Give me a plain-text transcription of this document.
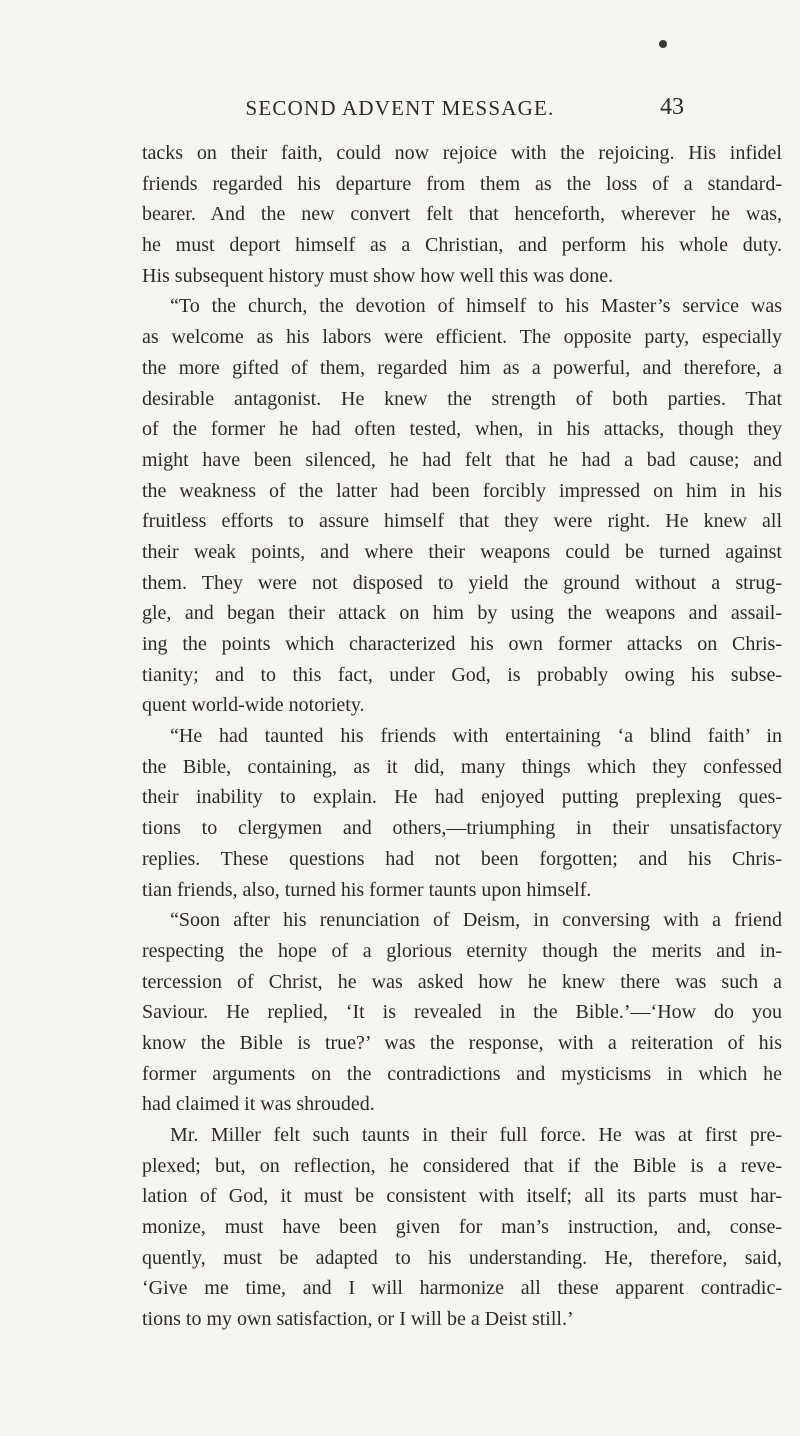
SECOND ADVENT MESSAGE.	43
tacks on their faith, could now rejoice with the rejoicing. His infidel
friends regarded his departure from them as the loss of a standard-
bearer. And the new convert felt that henceforth, wherever he was,
he must deport himself as a Christian, and perform his whole duty.
His subsequent history must show how well this was done.
“To the church, the devotion of himself to his Master’s service was
as welcome as his labors were efficient. The opposite party, especially
the more gifted of them, regarded him as a powerful, and therefore, a
desirable antagonist. He knew the strength of both parties. That
of the former he had often tested, when, in his attacks, though they
might have been silenced, he had felt that he had a bad cause; and
the weakness of the latter had been forcibly impressed on him in his
fruitless efforts to assure himself that they were right. He knew all
their weak points, and where their weapons could be turned against
them. They were not disposed to yield the ground without a strug-
gle, and began their attack on him by using the weapons and assail-
ing the points which characterized his own former attacks on Chris-
tianity; and to this fact, under God, is probably owing his subse-
quent world-wide notoriety.
“He had taunted his friends with entertaining ‘a blind faith’ in
the Bible, containing, as it did, many things which they confessed
their inability to explain. He had enjoyed putting preplexing ques-
tions to clergymen and others,—triumphing in their unsatisfactory
replies. These questions had not been forgotten; and his Chris-
tian friends, also, turned his former taunts upon himself.
“Soon after his renunciation of Deism, in conversing with a friend
respecting the hope of a glorious eternity though the merits and in-
tercession of Christ, he was asked how he knew there was such a
Saviour. He replied, ‘It is revealed in the Bible.’—‘How do you
know the Bible is true?’ was the response, with a reiteration of his
former arguments on the contradictions and mysticisms in which he
had claimed it was shrouded.
Mr. Miller felt such taunts in their full force. He was at first pre-
plexed; but, on reflection, he considered that if the Bible is a reve-
lation of God, it must be consistent with itself; all its parts must har-
monize, must have been given for man’s instruction, and, conse-
quently, must be adapted to his understanding. He, therefore, said,
‘Give me time, and I will harmonize all these apparent contradic-
tions to my own satisfaction, or I will be a Deist still.’
